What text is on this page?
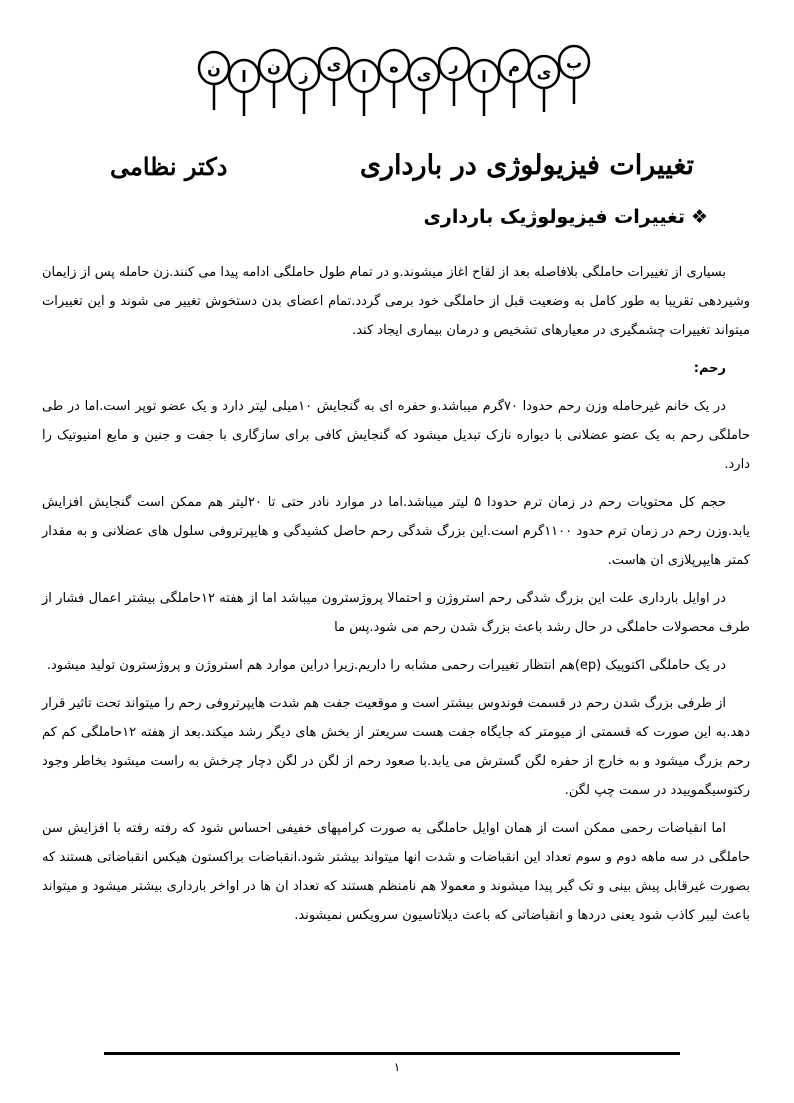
ب
ی
م
ا
ر
ی
ه
ا
ی
ز
ن
ا
ن
تغییرات فیزیولوژی در بارداری
دکتر نظامی
❖تغییرات فیزیولوژیک بارداری

بسیاری از تغییرات حاملگی بلافاصله بعد از لقاح اغاز میشوند.و در تمام طول حاملگی ادامه پیدا می کنند.زن حامله پس از زایمان وشیردهی تقریبا به طور کامل به وضعیت قبل از حاملگی خود برمی گردد.تمام اعضای بدن دستخوش تغییر می شوند و این تغییرات میتواند تغییرات چشمگیری در معیارهای تشخیص و درمان بیماری ایجاد کند.

رحم:

در یک خانم غیرحامله وزن رحم حدودا ۷۰گرم میباشد.و حفره ای به گنجایش ۱۰میلی لیتر دارد و یک عضو توپر است.اما در طی حاملگی رحم به یک عضو عضلانی با دیواره نازک تبدیل میشود که گنجایش کافی برای سازگاری با جفت و جنین و مایع امنیوتیک را دارد.

حجم کل محتویات رحم در زمان ترم حدودا ۵ لیتر میباشد.اما در موارد نادر حتی تا ۲۰لیتر هم ممکن است گنجایش افزایش یابد.وزن رحم در زمان ترم حدود ۱۱۰۰گرم است.این بزرگ شدگی رحم حاصل کشیدگی و هایپرتروفی سلول های عضلانی و به مقدار کمتر هایپرپلازی ان هاست.

در اوایل بارداری علت این بزرگ شدگی رحم استروژن و احتمالا پروژسترون میباشد اما از هفته ۱۲حاملگی بیشتر اعمال فشار از طرف محصولات حاملگی در حال رشد باعث بزرگ شدن رحم می شود.پس ما

در یک حاملگی اکتوپیک (ep)هم انتظار تغییرات رحمی مشابه را داریم.زیرا دراین موارد هم استروژن و پروژسترون تولید میشود.

از طرفی بزرگ شدن رحم در قسمت فوندوس بیشتر است و موقعیت جفت هم شدت هایپرتروفی رحم را میتواند تحت تاثیر قرار دهد.به این صورت که قسمتی از میومتر که جایگاه جفت هست سریعتر از بخش های دیگر رشد میکند.بعد از هفته ۱۲حاملگی کم کم رحم بزرگ میشود و به خارج از حفره لگن گسترش می یابد.با صعود رحم از لگن در لگن دچار چرخش به راست میشود بخاطر وجود رکتوسیگموییدد در سمت چپ لگن.

اما انقباضات رحمی ممکن است از همان اوایل حاملگی به صورت کرامپهای خفیفی احساس شود که رفته رفته با افزایش سن حاملگی در سه ماهه دوم و سوم تعداد این انقباضات و شدت انها میتواند بیشتر شود.انقباضات براکستون هیکس انقباضاتی هستند که بصورت غیرقابل پیش بینی و تک گیر پیدا میشوند و معمولا هم نامنظم هستند که تعداد ان ها در اواخر بارداری بیشتر میشود و میتواند باعث لیبر کاذب شود یعنی دردها و انقباضاتی که باعث دیلاتاسیون سرویکس نمیشوند.

۱
